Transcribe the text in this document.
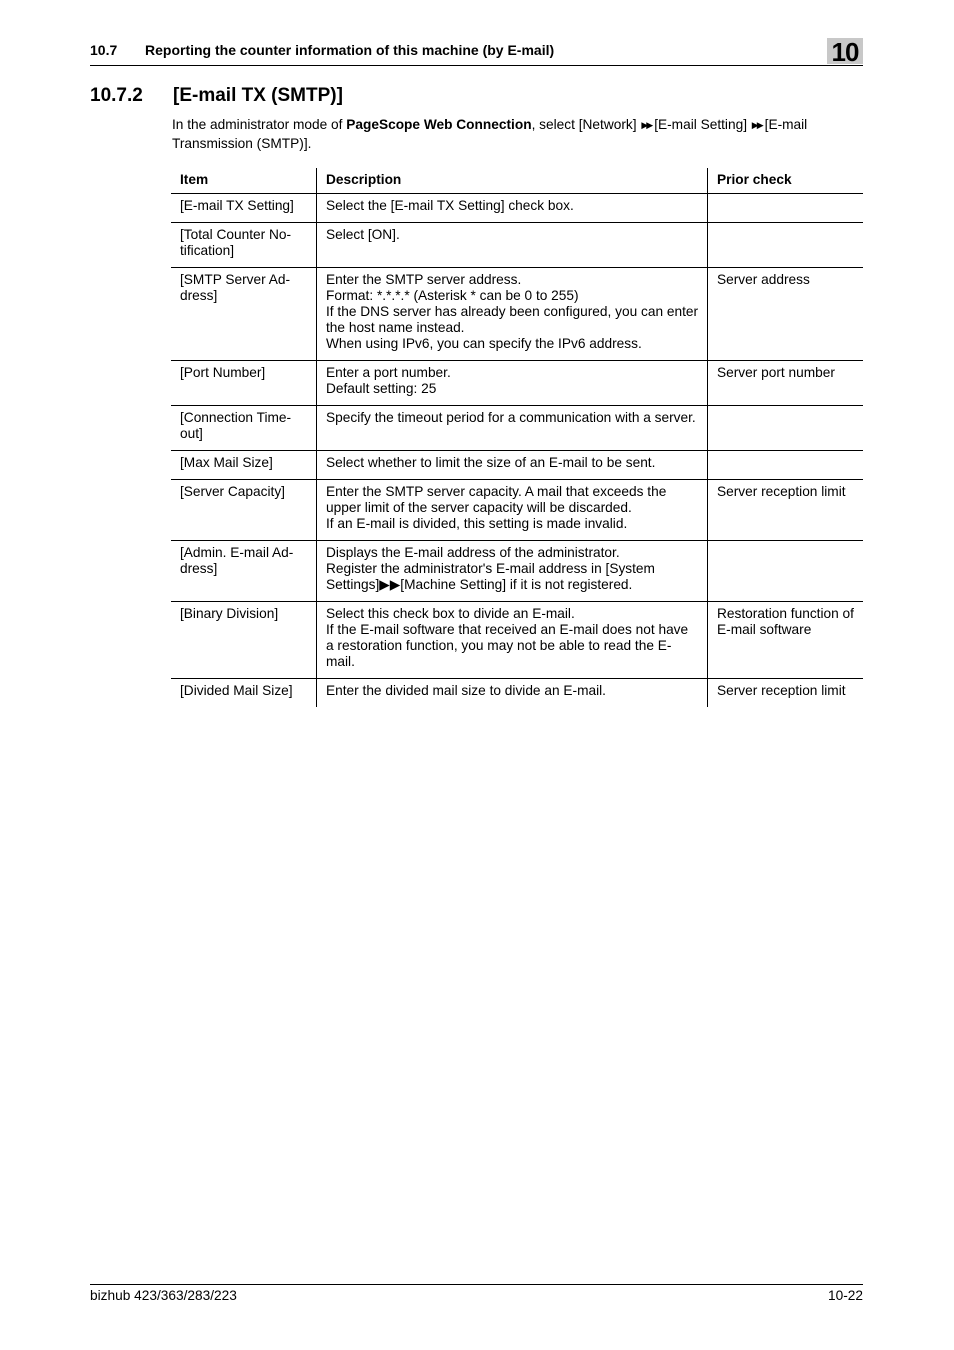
10.7 Reporting the counter information of this machine (by E-mail)	10
10.7.2 [E-mail TX (SMTP)]
In the administrator mode of PageScope Web Connection, select [Network] ▶▶ [E-mail Setting] ▶▶ [E-mail Transmission (SMTP)].
Item	Description	Prior check
[E-mail TX Setting]	Select the [E-mail TX Setting] check box.	

[Total Counter No-tification]	Select [ON].	

[SMTP Server Ad-dress]	Enter the SMTP server address.
Format: *.*.*.* (Asterisk * can be 0 to 255)
If the DNS server has already been configured, you can enter the host name instead.
When using IPv6, you can specify the IPv6 address.	Server address
[Port Number]	Enter a port number.
Default setting: 25	Server port number
[Connection Time-out]	Specify the timeout period for a communication with a server.	

[Max Mail Size]	Select whether to limit the size of an E-mail to be sent.	

[Server Capacity]	Enter the SMTP server capacity. A mail that exceeds the upper limit of the server capacity will be discarded.
If an E-mail is divided, this setting is made invalid.	Server reception limit
[Admin. E-mail Ad-dress]	Displays the E-mail address of the administrator.
Register the administrator's E-mail address in [System Settings]▶▶[Machine Setting] if it is not registered.	

[Binary Division]	Select this check box to divide an E-mail.
If the E-mail software that received an E-mail does not have a restoration function, you may not be able to read the E-mail.	Restoration function of E-mail software
[Divided Mail Size]	Enter the divided mail size to divide an E-mail.	Server reception limit
bizhub 423/363/283/223	10-22
